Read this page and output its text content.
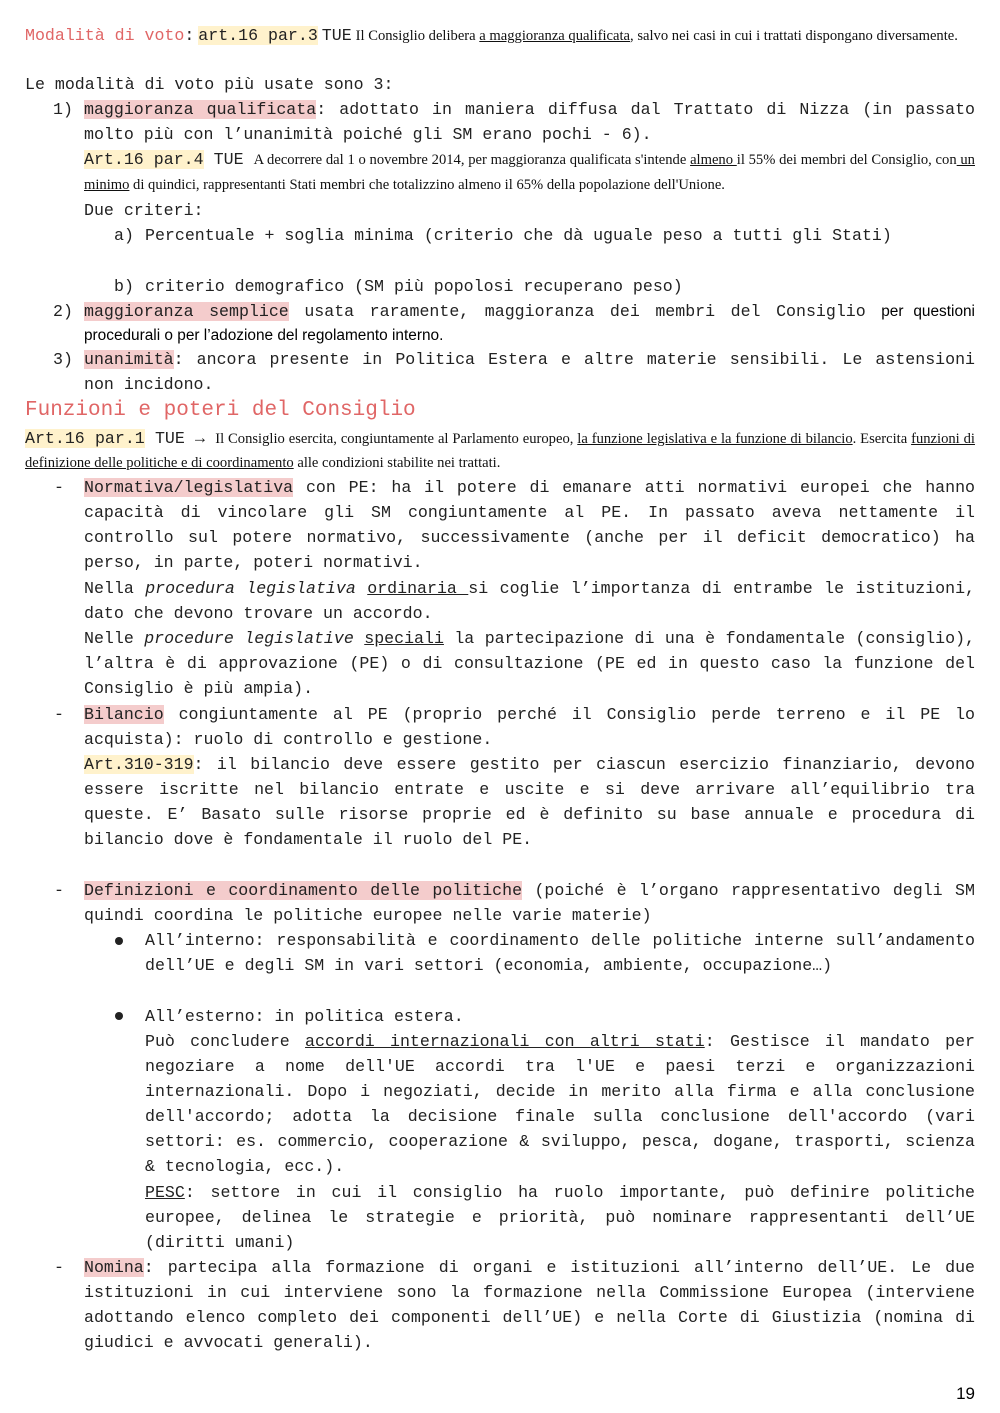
Modalità di voto: art.16 par.3 TUE Il Consiglio delibera a maggioranza qualificata, salvo nei casi in cui i trattati dispongano diversamente.
Le modalità di voto più usate sono 3:
1) maggioranza qualificata: adottato in maniera diffusa dal Trattato di Nizza (in passato molto più con l’unanimità poiché gli SM erano pochi - 6).
Art.16 par.4 TUE A decorrere dal 1 o novembre 2014, per maggioranza qualificata s'intende almeno il 55% dei membri del Consiglio, con un minimo di quindici, rappresentanti Stati membri che totalizzino almeno il 65% della popolazione dell'Unione.
Due criteri:
a) Percentuale + soglia minima (criterio che dà uguale peso a tutti gli Stati)
b) criterio demografico (SM più popolosi recuperano peso)
2) maggioranza semplice usata raramente, maggioranza dei membri del Consiglio per questioni procedurali o per l’adozione del regolamento interno.
3) unanimità: ancora presente in Politica Estera e altre materie sensibili. Le astensioni non incidono.
Funzioni e poteri del Consiglio
Art.16 par.1 TUE → Il Consiglio esercita, congiuntamente al Parlamento europeo, la funzione legislativa e la funzione di bilancio. Esercita funzioni di definizione delle politiche e di coordinamento alle condizioni stabilite nei trattati.
- Normativa/legislativa con PE: ha il potere di emanare atti normativi europei che hanno capacità di vincolare gli SM congiuntamente al PE. In passato aveva nettamente il controllo sul potere normativo, successivamente (anche per il deficit democratico) ha perso, in parte, poteri normativi.
Nella procedura legislativa ordinaria si coglie l’importanza di entrambe le istituzioni, dato che devono trovare un accordo.
Nelle procedure legislative speciali la partecipazione di una è fondamentale (consiglio), l’altra è di approvazione (PE) o di consultazione (PE ed in questo caso la funzione del Consiglio è più ampia).
- Bilancio congiuntamente al PE (proprio perché il Consiglio perde terreno e il PE lo acquista): ruolo di controllo e gestione.
Art.310-319: il bilancio deve essere gestito per ciascun esercizio finanziario, devono essere iscritte nel bilancio entrate e uscite e si deve arrivare all’equilibrio tra queste. E’ Basato sulle risorse proprie ed è definito su base annuale e procedura di bilancio dove è fondamentale il ruolo del PE.
- Definizioni e coordinamento delle politiche (poiché è l’organo rappresentativo degli SM quindi coordina le politiche europee nelle varie materie)
All’interno: responsabilità e coordinamento delle politiche interne sull’andamento dell’UE e degli SM in vari settori (economia, ambiente, occupazione…)
All’esterno: in politica estera.
Può concludere accordi internazionali con altri stati: Gestisce il mandato per negoziare a nome dell'UE accordi tra l'UE e paesi terzi e organizzazioni internazionali. Dopo i negoziati, decide in merito alla firma e alla conclusione dell'accordo; adotta la decisione finale sulla conclusione dell'accordo (vari settori: es. commercio, cooperazione & sviluppo, pesca, dogane, trasporti, scienza & tecnologia, ecc.).
PESC: settore in cui il consiglio ha ruolo importante, può definire politiche europee, delinea le strategie e priorità, può nominare rappresentanti dell’UE (diritti umani)
- Nomina: partecipa alla formazione di organi e istituzioni all’interno dell’UE. Le due istituzioni in cui interviene sono la formazione nella Commissione Europea (interviene adottando elenco completo dei componenti dell’UE) e nella Corte di Giustizia (nomina di giudici e avvocati generali).
19
